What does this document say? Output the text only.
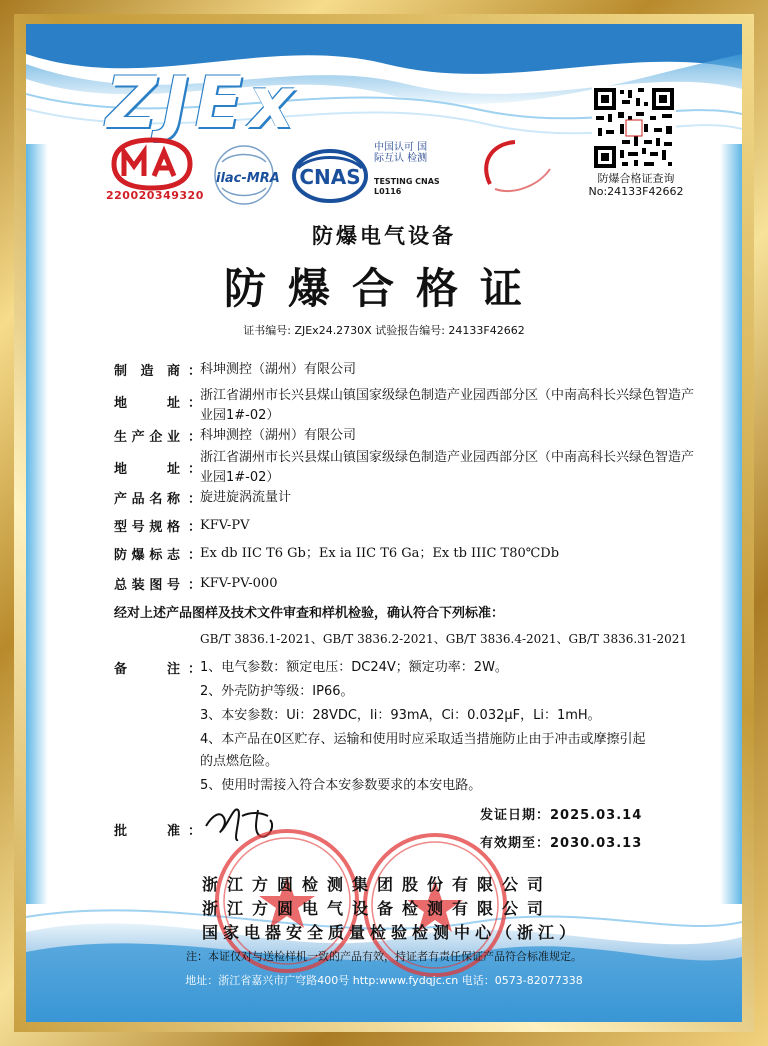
ZJEx
220020349320
ilac-MRA CNAS
中国认可 国际互认 检测
TESTING CNAS L0116
防爆合格证查询
No:24133F42662
防爆电气设备
防爆合格证
证书编号: ZJEx24.2730X 试验报告编号: 24133F42662
制造商 ：
科坤测控（湖州）有限公司
地址 ：
浙江省湖州市长兴县煤山镇国家级绿色制造产业园西部分区（中南高科长兴绿色智造产业园1#-02）
生产企业 ：
科坤测控（湖州）有限公司
地址 ：
浙江省湖州市长兴县煤山镇国家级绿色制造产业园西部分区（中南高科长兴绿色智造产业园1#-02）
产品名称 ：
旋进旋涡流量计
型号规格 ：
KFV-PV
防爆标志 ：
Ex db IIC T6 Gb；Ex ia IIC T6 Ga；Ex tb IIIC T80℃Db
总装图号 ：
KFV-PV-000
经对上述产品图样及技术文件审查和样机检验，确认符合下列标准：
GB/T 3836.1-2021、GB/T 3836.2-2021、GB/T 3836.4-2021、GB/T 3836.31-2021
备注 ：
1、电气参数：额定电压：DC24V；额定功率：2W。
2、外壳防护等级：IP66。
3、本安参数：Ui：28VDC，Ii：93mA，Ci：0.032μF，Li：1mH。
4、本产品在0区贮存、运输和使用时应采取适当措施防止由于冲击或摩擦引起
的点燃危险。
5、使用时需接入符合本安参数要求的本安电路。
发证日期：2025.03.14
有效期至：2030.03.13
批准 ：
浙江方圆检测集团股份有限公司
浙江方圆电气设备检测有限公司
国家电器安全质量检验检测中心（浙江）
注：本证仅对与送检样机一致的产品有效，持证者有责任保证产品符合标准规定。
地址：浙江省嘉兴市广穹路400号 http:www.fydqjc.cn 电话：0573-82077338
